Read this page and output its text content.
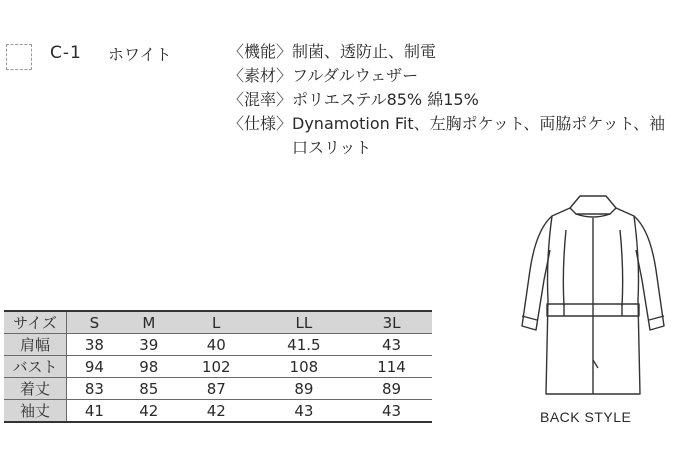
C-1 ホワイト	〈機能〉 制菌、透防止、制電
〈素材〉 フルダルウェザー
〈混率〉 ポリエステル85% 綿15%
〈仕様〉 Dynamotion Fit、左胸ポケット、両脇ポケット、袖口スリット
サイズ	S	M	L	LL	3L
肩幅	38	39	40	41.5	43
バスト	94	98	102	108	114
着丈	83	85	87	89	89
袖丈	41	42	42	43	43	BACK STYLE
